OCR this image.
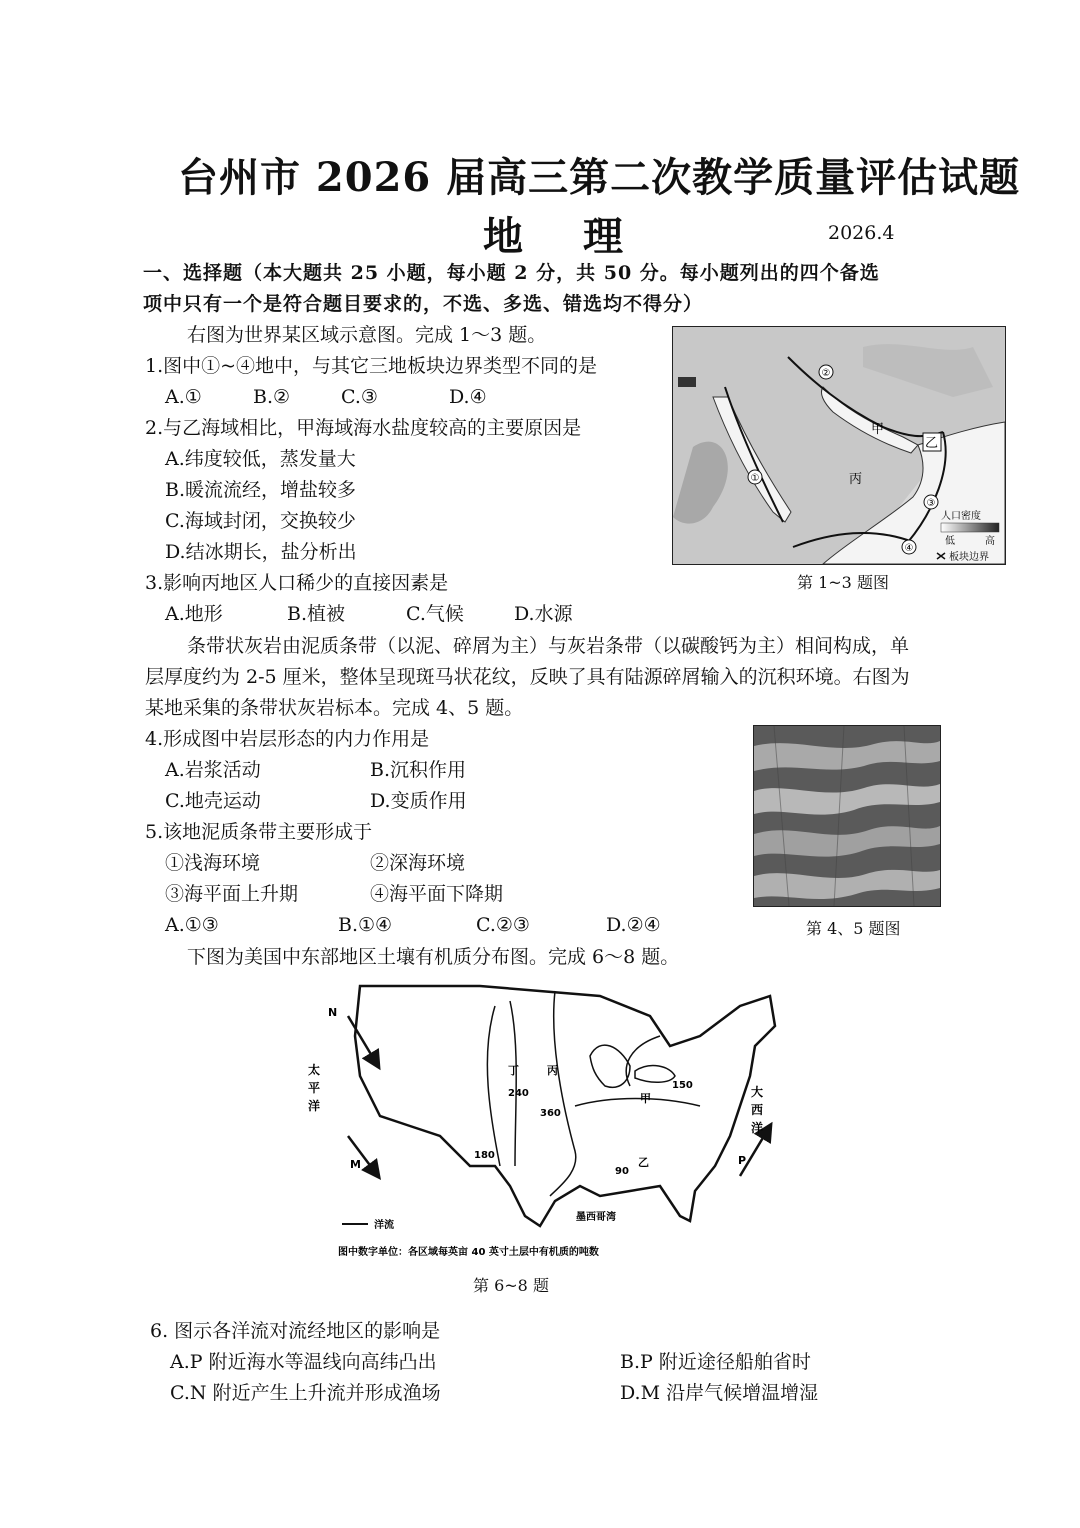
台州市 2026 届高三第二次教学质量评估试题
地理	2026.4
一、选择题（本大题共 25 小题，每小题 2 分，共 50 分。每小题列出的四个备选
项中只有一个是符合题目要求的，不选、多选、错选均不得分）
右图为世界某区域示意图。完成 1～3 题。
1.图中①~④地中，与其它三地板块边界类型不同的是
A.①	B.②	C.③	D.④
2.与乙海域相比，甲海域海水盐度较高的主要原因是
A.纬度较低，蒸发量大
B.暖流流经，增盐较多
C.海域封闭，交换较少
D.结冰期长，盐分析出
3.影响丙地区人口稀少的直接因素是
A.地形	B.植被	C.气候	D.水源
①
②
③
④
甲
乙
丙
人口密度
低	高
板块边界
第 1~3 题图
条带状灰岩由泥质条带（以泥、碎屑为主）与灰岩条带（以碳酸钙为主）相间构成，单
层厚度约为 2-5 厘米，整体呈现斑马状花纹，反映了具有陆源碎屑输入的沉积环境。右图为
某地采集的条带状灰岩标本。完成 4、5 题。
4.形成图中岩层形态的内力作用是
A.岩浆活动	B.沉积作用
C.地壳运动	D.变质作用
5.该地泥质条带主要形成于
①浅海环境	②深海环境
③海平面上升期	④海平面下降期
A.①③	B.①④	C.②③	D.②④	第 4、5 题图
下图为美国中东部地区土壤有机质分布图。完成 6～8 题。
N
M	P
太
平
洋
大
西
洋
丁
240
丙
360
甲
150
180
90
乙
墨西哥湾
洋流
图中数字单位：各区域每英亩 40 英寸土层中有机质的吨数
第 6~8 题
6. 图示各洋流对流经地区的影响是
A.P 附近海水等温线向高纬凸出	B.P 附近途径船舶省时
C.N 附近产生上升流并形成渔场	D.M 沿岸气候增温增湿
